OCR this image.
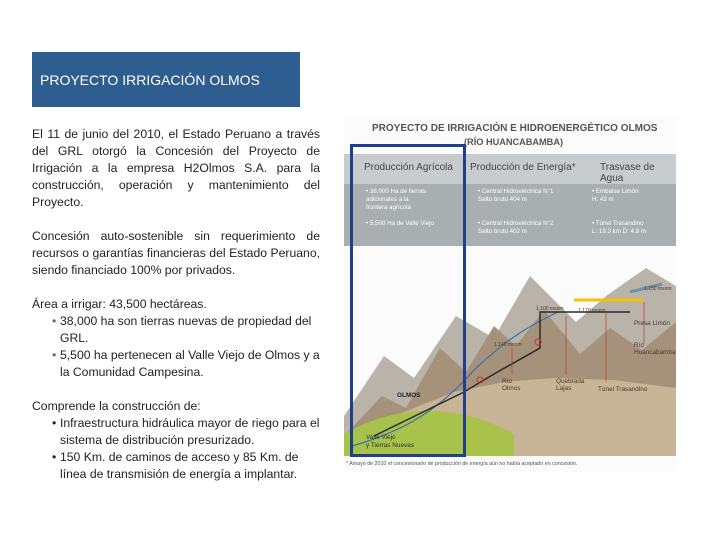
PROYECTO IRRIGACIÓN OLMOS

El 11 de junio del 2010, el Estado Peruano a través del GRL otorgó la Concesión del Proyecto de Irrigación a la empresa H2Olmos S.A. para la construcción, operación y mantenimiento del Proyecto.

Concesión auto-sostenible sin requerimiento de recursos o garantías financieras del Estado Peruano, siendo financiado 100% por privados.

Área a irrigar: 43,500 hectáreas.

• 38,000 ha son tierras nuevas de propiedad del GRL.
• 5,500 ha pertenecen al Valle Viejo de Olmos y a la Comunidad Campesina.

Comprende la construcción de:

• Infraestructura hidráulica mayor de riego para el sistema de distribución presurizado.
• 150 Km. de caminos de acceso y 85 Km. de línea de transmisión de energía a implantar.
PROYECTO DE IRRIGACIÓN E HIDROENERGÉTICO OLMOS
(RÍO HUANCABAMBA)
Producción Agrícola Producción de Energía* Trasvase de Agua
• 38,000 Ha de tierras
adicionales a la
frontera agrícola
• 5,500 Ha de Valle Viejo
• Central Hidroeléctrica N°1
Salto bruto 404 m
• Central Hidroeléctrica N°2
Salto bruto 402 m
• Embalse Limón
H: 43 m
• Túnel Trasandino
L: 19.3 km D: 4.8 m
OLMOS
Valle Viejo
y Tierras Nuevas
Río
Olmos
Quebrada
Lajas	Túnel Trasandino
Presa Limón
Río
Huancabamba
1,140 msnm
1,100 msnm	1,170 msnm
1,150 msnm
* Amayo de 2010 el concesionario de producción de energía aún no había aceptado en concesión.
